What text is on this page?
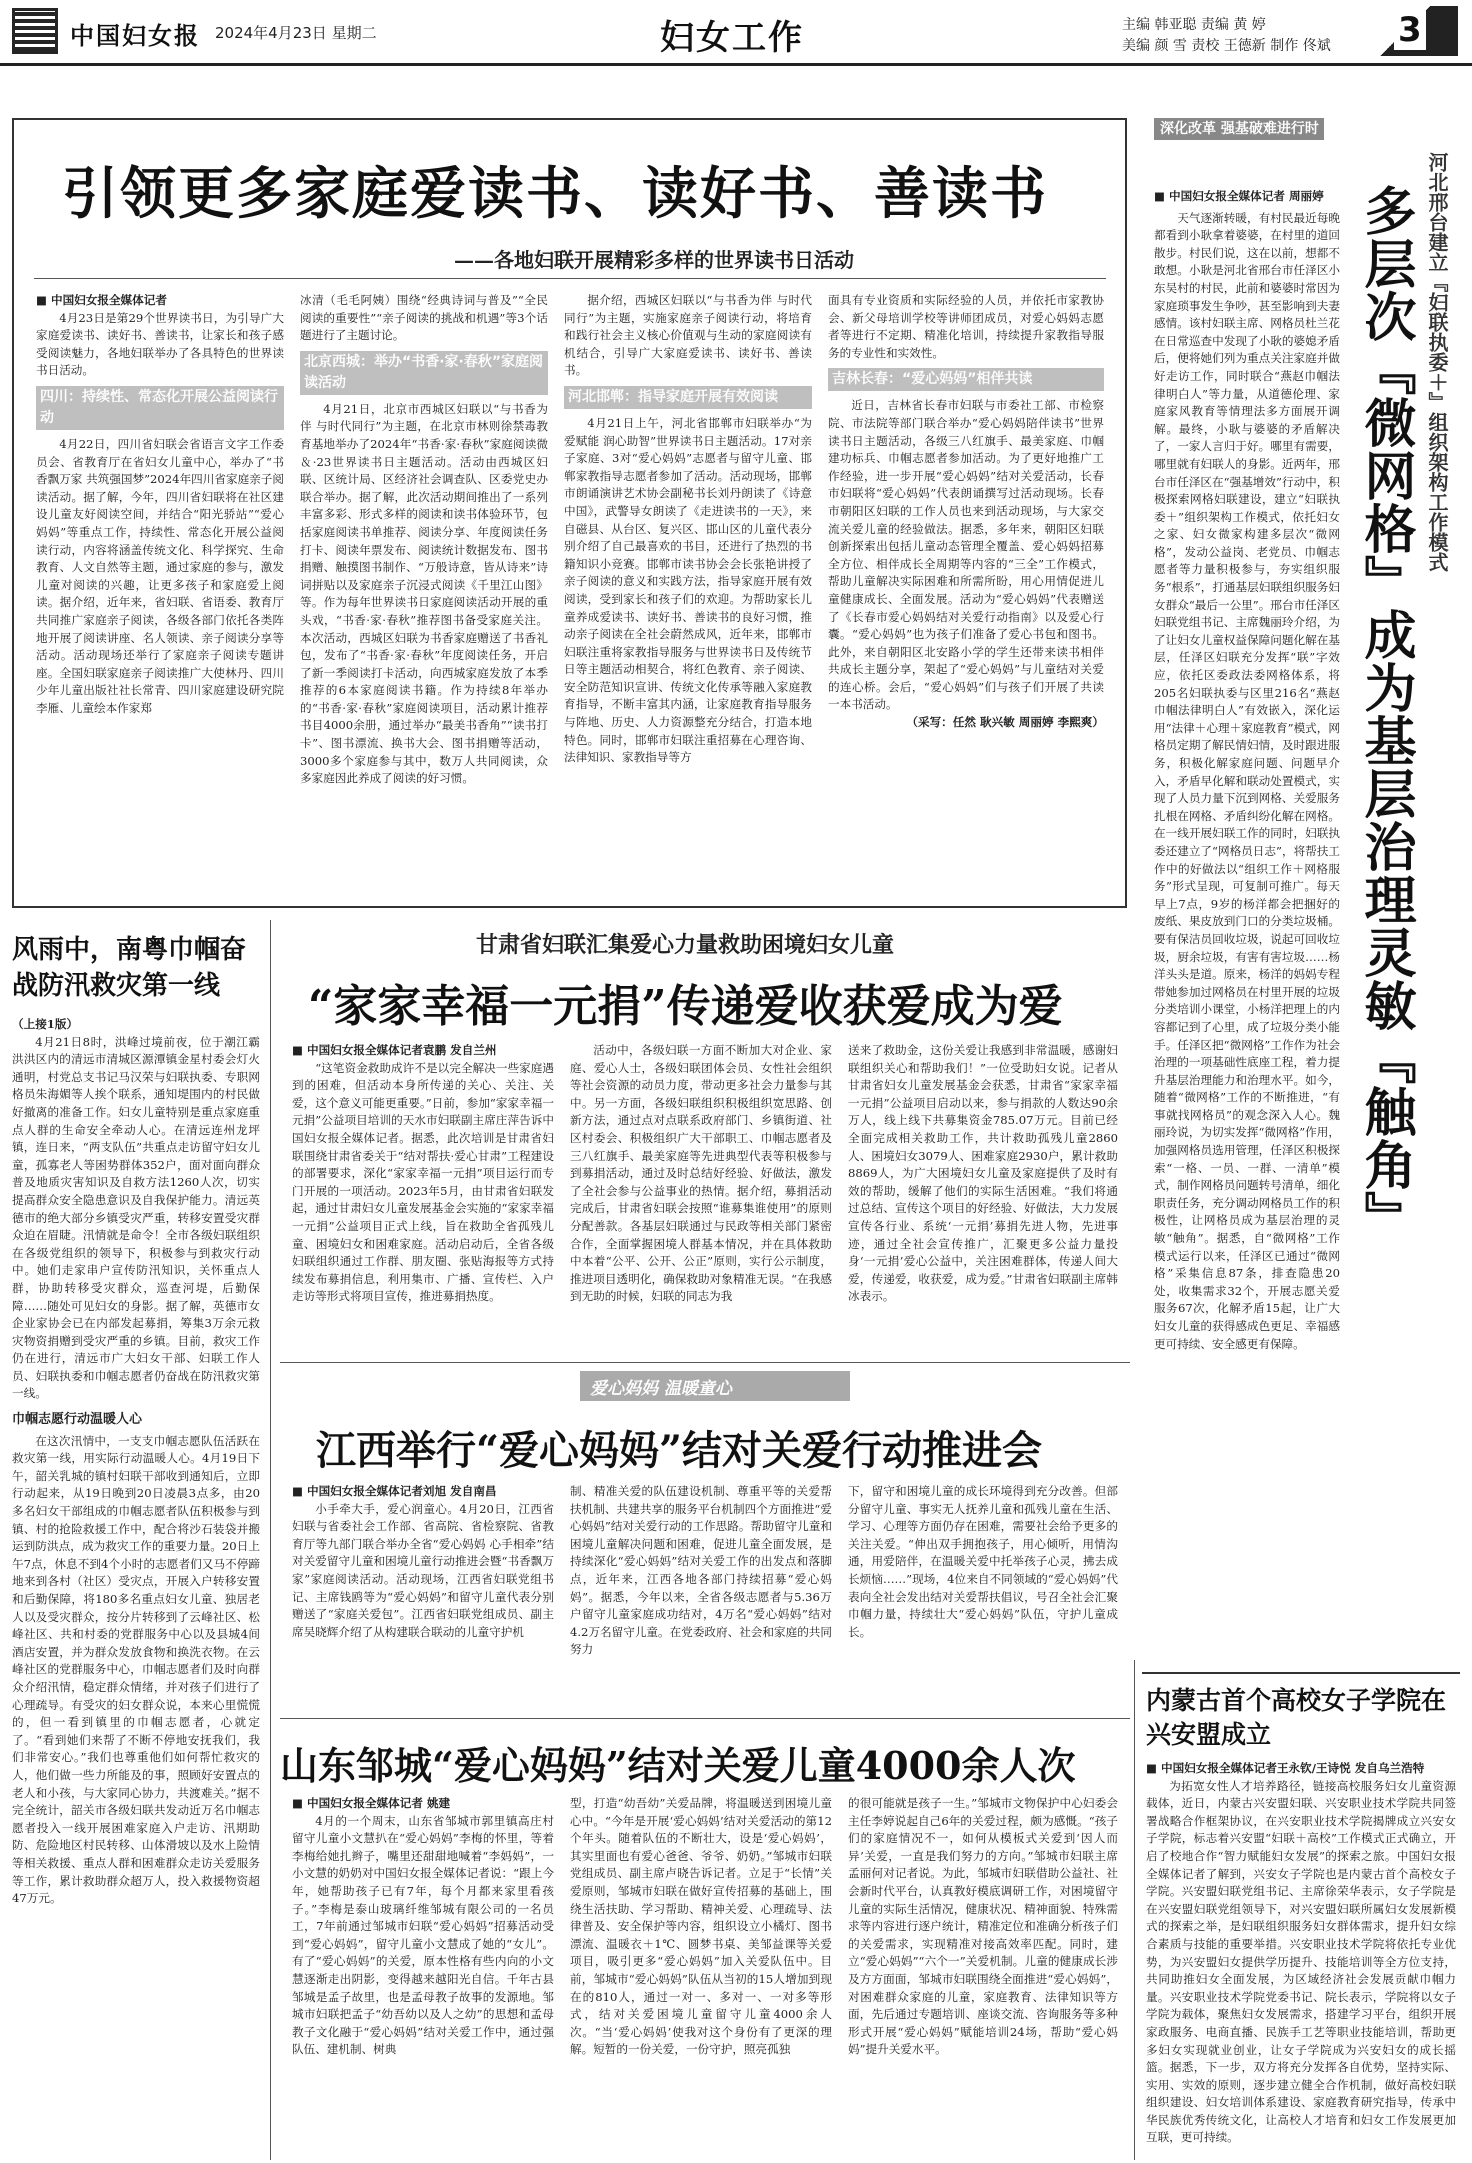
中国妇女报 2024年4月23日 星期二	妇女工作	主编 韩亚聪 责编 黄 婷
美编 颜 雪 责校 王德新 制作 佟斌 3
引领更多家庭爱读书、读好书、善读书
——各地妇联开展精彩多样的世界读书日活动

■ 中国妇女报全媒体记者

4月23日是第29个世界读书日，为引导广大家庭爱读书、读好书、善读书，让家长和孩子感受阅读魅力，各地妇联举办了各具特色的世界读书日活动。

四川：持续性、常态化开展公益阅读行动

4月22日，四川省妇联会省语言文字工作委员会、省教育厅在省妇女儿童中心，举办了“书香飘万家 共筑强国梦”2024年四川省家庭亲子阅读活动。据了解，今年，四川省妇联将在社区建设儿童友好阅读空间，并结合“阳光骄站”“爱心妈妈”等重点工作，持续性、常态化开展公益阅读行动，内容将涵盖传统文化、科学探究、生命教育、人文自然等主题，通过家庭的参与，激发儿童对阅读的兴趣，让更多孩子和家庭爱上阅读。据介绍，近年来，省妇联、省语委、教育厅共同推广家庭亲子阅读，各级各部门依托各类阵地开展了阅读讲座、名人领读、亲子阅读分享等活动。活动现场还举行了家庭亲子阅读专题讲座。全国妇联家庭亲子阅读推广大使林丹、四川少年儿童出版社社长常青、四川家庭建设研究院李雁、儿童绘本作家郑

冰清（毛毛阿姨）围绕“经典诗词与普及”“全民阅读的重要性”“亲子阅读的挑战和机遇”等3个话题进行了主题讨论。

北京西城：举办“书香·家·春秋”家庭阅读活动

4月21日，北京市西城区妇联以“与书香为伴 与时代同行”为主题，在北京市林则徐禁毒教育基地举办了2024年“书香·家·春秋”家庭阅读微＆·23世界读书日主题活动。活动由西城区妇联、区统计局、区经济社会调查队、区委党史办联合举办。据了解，此次活动期间推出了一系列丰富多彩、形式多样的阅读和读书体验环节，包括家庭阅读书单推荐、阅读分享、年度阅读任务打卡、阅读年票发布、阅读统计数据发布、图书捐赠、触摸图书制作、“万般诗意，皆从诗来”诗词拼贴以及家庭亲子沉浸式阅读《千里江山图》等。作为每年世界读书日家庭阅读活动开展的重头戏，“书香·家·春秋”推荐图书备受家庭关注。本次活动，西城区妇联为书香家庭赠送了书香礼包，发布了“书香·家·春秋”年度阅读任务，开启了新一季阅读打卡活动，向西城家庭发放了本季推荐的6本家庭阅读书籍。作为持续8年举办的“书香·家·春秋”家庭阅读项目，活动累计推荐书目4000余册，通过举办“最美书香角”“读书打卡”、图书漂流、换书大会、图书捐赠等活动，3000多个家庭参与其中，数万人共同阅读，众多家庭因此养成了阅读的好习惯。

据介绍，西城区妇联以“与书香为伴 与时代同行”为主题，实施家庭亲子阅读行动，将培育和践行社会主义核心价值观与生动的家庭阅读有机结合，引导广大家庭爱读书、读好书、善读书。

河北邯郸：指导家庭开展有效阅读

4月21日上午，河北省邯郸市妇联举办“为爱赋能 润心助智”世界读书日主题活动。17对亲子家庭、3对“爱心妈妈”志愿者与留守儿童、邯郸家教指导志愿者参加了活动。活动现场，邯郸市朗诵演讲艺术协会副秘书长刘丹朗读了《诗意中国》，武警导女朗读了《走进读书的一天》，来自磁县、从台区、复兴区、邯山区的儿童代表分别介绍了自己最喜欢的书目，还进行了热烈的书籍知识小竞赛。邯郸市读书协会会长张艳讲授了亲子阅读的意义和实践方法，指导家庭开展有效阅读，受到家长和孩子们的欢迎。为帮助家长儿童养成爱读书、读好书、善读书的良好习惯，推动亲子阅读在全社会蔚然成风，近年来，邯郸市妇联注重将家教指导服务与世界读书日及传统节日等主题活动相契合，将红色教育、亲子阅读、安全防范知识宣讲、传统文化传承等融入家庭教育指导，不断丰富其内涵，让家庭教育指导服务与阵地、历史、人力资源整充分结合，打造本地特色。同时，邯郸市妇联注重招募在心理咨询、法律知识、家教指导等方

面具有专业资质和实际经验的人员，并依托市家教协会、新父母培训学校等讲师团成员，对爱心妈妈志愿者等进行不定期、精准化培训，持续提升家教指导服务的专业性和实效性。

吉林长春：“爱心妈妈”相伴共读

近日，吉林省长春市妇联与市委社工部、市检察院、市法院等部门联合举办“爱心妈妈陪伴读书”世界读书日主题活动，各级三八红旗手、最美家庭、巾帼建功标兵、巾帼志愿者参加活动。为了更好地推广工作经验，进一步开展“爱心妈妈”结对关爱活动，长春市妇联将“爱心妈妈”代表朗诵撰写过活动现场。长春市朝阳区妇联的工作人员也来到活动现场，与大家交流关爱儿童的经验做法。据悉，多年来，朝阳区妇联创新探索出包括儿童动态管理全覆盖、爱心妈妈招募全方位、相伴成长全周期等内容的“三全”工作模式，帮助儿童解决实际困难和所需所盼，用心用情促进儿童健康成长、全面发展。活动为“爱心妈妈”代表赠送了《长春市爱心妈妈结对关爱行动指南》以及爱心行囊。“爱心妈妈”也为孩子们准备了爱心书包和图书。此外，来自朝阳区北安路小学的学生还带来读书相伴共成长主题分享，架起了“爱心妈妈”与儿童结对关爱的连心桥。会后，“爱心妈妈”们与孩子们开展了共读一本书活动。

（采写：任然 耿兴敏 周丽婷 李熙爽）

深化改革 强基破难进行时

■ 中国妇女报全媒体记者 周丽婷

天气逐渐转暖，有村民最近每晚都看到小耿拿着婆婆，在村里的道回散步。村民们说，这在以前，想都不敢想。小耿是河北省邢台市任泽区小东吴村的村民，此前和婆婆时常因为家庭琐事发生争吵，甚至影响到夫妻感情。该村妇联主席、网格员杜兰花在日常巡查中发现了小耿的婆媳矛盾后，便将她们列为重点关注家庭并做好走访工作，同时联合“燕赵巾帼法律明白人”等力量，从道德伦理、家庭家风教育等情理法多方面展开调解。最终，小耿与婆婆的矛盾解决了，一家人言归于好。哪里有需要，哪里就有妇联人的身影。近两年，邢台市任泽区在“强基增效”行动中，积极探索网格妇联建设，建立“妇联执委＋”组织架构工作模式，依托妇女之家、妇女微家构建多层次“微网格”，发动公益岗、老党员、巾帼志愿者等力量积极参与，夯实组织服务“根系”，打通基层妇联组织服务妇女群众“最后一公里”。邢台市任泽区妇联党组书记、主席魏丽玲介绍，为了让妇女儿童权益保障问题化解在基层，任泽区妇联充分发挥“联”字效应，依托区委政法委网格体系，将205名妇联执委与区里216名“燕赵巾帼法律明白人”有效嵌入，深化运用“法律＋心理＋家庭教育”模式，网格员定期了解民情妇情，及时跟进服务，积极化解家庭问题、问题早介入，矛盾早化解和联动处置模式，实现了人员力量下沉到网格、关爱服务扎根在网格、矛盾纠纷化解在网格。在一线开展妇联工作的同时，妇联执委还建立了“网格员日志”，将帮扶工作中的好做法以“组织工作＋网格服务”形式呈现，可复制可推广。每天早上7点，9岁的杨洋都会把捆好的废纸、果皮放到门口的分类垃圾桶。要有保洁员回收垃圾，说起可回收垃圾，厨余垃圾，有害有害垃圾……杨洋头头是道。原来，杨洋的妈妈专程带她参加过网格员在村里开展的垃圾分类培训小课堂，小杨洋把理上的内容都记到了心里，成了垃圾分类小能手。任泽区把“微网格”工作作为社会治理的一项基础性底座工程，着力提升基层治理能力和治理水平。如今，随着“微网格”工作的不断推进，“有事就找网格员”的观念深入人心。魏丽玲说，为切实发挥“微网格”作用，加强网格员选用管理，任泽区积极探索“一格、一员、一群、一清单”模式，制作网格员问题转号清单，细化职责任务，充分调动网格员工作的积极性，让网格员成为基层治理的灵敏“触角”。据悉，自“微网格”工作模式运行以来，任泽区已通过“微网格”采集信息87条，排查隐患20处，收集需求32个，开展志愿关爱服务67次，化解矛盾15起，让广大妇女儿童的获得感成色更足、幸福感更可持续、安全感更有保障。

多层次『微网格』成为基层治理灵敏『触角』 河北邢台建立『妇联执委＋』组织架构工作模式
风雨中，南粤巾帼奋战防汛救灾第一线

（上接1版）

4月21日8时，洪峰过境前夜，位于潮江霸洪洪区内的清远市清城区源潭镇金星村委会灯火通明，村党总支书记马汉荣与妇联执委、专职网格员朱海媚等人挨个联系，通知堤围内的村民做好撤离的准备工作。妇女儿童特别是重点家庭重点人群的生命安全牵动人心。在清远连州龙坪镇，连日来，“两支队伍”共重点走访留守妇女儿童，孤寡老人等困势群体352户，面对面向群众普及地质灾害知识及自救方法1260人次，切实提高群众安全隐患意识及自我保护能力。清远英德市的绝大部分乡镇受灾严重，转移安置受灾群众迫在眉睫。汛情就是命令！全市各级妇联组织在各级党组织的领导下，积极参与到救灾行动中。她们走家串户宣传防汛知识，关怀重点人群，协助转移受灾群众，巡查河堤，后勤保障……随处可见妇女的身影。据了解，英德市女企业家协会已在内部发起募捐，筹集3万余元救灾物资捐赠到受灾严重的乡镇。目前，救灾工作仍在进行，清远市广大妇女干部、妇联工作人员、妇联执委和巾帼志愿者仍奋战在防汛救灾第一线。

巾帼志愿行动温暖人心

在这次汛情中，一支支巾帼志愿队伍活跃在救灾第一线，用实际行动温暖人心。4月19日下午，韶关乳城的镇村妇联干部收到通知后，立即行动起来，从19日晚到20日凌晨3点多，由20多名妇女干部组成的巾帼志愿者队伍积极参与到镇、村的抢险救援工作中，配合将沙石装袋并搬运到防洪点，成为救灾工作的重要力量。20日上午7点，休息不到4个小时的志愿者们又马不停蹄地来到各村（社区）受灾点，开展入户转移安置和后勤保障，将180多名重点妇女儿童、独居老人以及受灾群众，按分片转移到了云峰社区、松峰社区、共和村委的党群服务中心以及县城4间酒店安置，并为群众发放食物和换洗衣物。在云峰社区的党群服务中心，巾帼志愿者们及时向群众介绍汛情，稳定群众情绪，并对孩子们进行了心理疏导。有受灾的妇女群众说，本来心里慌慌的，但一看到镇里的巾帼志愿者，心就定了。“看到她们来帮了不断不停地安抚我们，我们非常安心。”我们也尊重他们如何帮忙救灾的人，他们做一些力所能及的事，照顾好安置点的老人和小孩，与大家同心协力，共渡难关。”据不完全统计，韶关市各级妇联共发动近万名巾帼志愿者投入一线开展困难家庭入户走访、汛期助防、危险地区村民转移、山体滑坡以及水上险情等相关救援、重点人群和困难群众走访关爱服务等工作，累计救助群众超万人，投入救援物资超47万元。

甘肃省妇联汇集爱心力量救助困境妇女儿童
“家家幸福一元捐”传递爱收获爱成为爱

■ 中国妇女报全媒体记者袁鹏 发自兰州

“这笔资金救助成许不是以完全解决一些家庭遇到的困难，但活动本身所传递的关心、关注、关爱，这个意义可能更重要。”日前，参加“家家幸福一元捐”公益项目培训的天水市妇联副主席庄萍告诉中国妇女报全媒体记者。据悉，此次培训是甘肃省妇联围绕甘肃省委关于“结对帮扶·爱心甘肃”工程建设的部署要求，深化“家家幸福一元捐”项目运行而专门开展的一项活动。2023年5月，由甘肃省妇联发起，通过甘肃妇女儿童发展基金会实施的“家家幸福一元捐”公益项目正式上线，旨在救助全省孤残儿童、困境妇女和困难家庭。活动启动后，全省各级妇联组织通过工作群、朋友圈、张贴海报等方式持续发布募捐信息，利用集市、广播、宣传栏、入户走访等形式将项目宣传，推进募捐热度。

活动中，各级妇联一方面不断加大对企业、家庭、爱心人士，各级妇联团体会员、女性社会组织等社会资源的动员力度，带动更多社会力量参与其中。另一方面，各级妇联组织积极组织宽思路、创新方法，通过点对点联系政府部门、乡镇街道、社区村委会、积极组织广大干部职工、巾帼志愿者及三八红旗手、最美家庭等先进典型代表等积极参与到募捐活动，通过及时总结好经验、好做法，激发了全社会参与公益事业的热情。据介绍，募捐活动完成后，甘肃省妇联会按照“谁募集谁使用”的原则分配善款。各基层妇联通过与民政等相关部门紧密合作，全面掌握困境人群基本情况，并在具体救助中本着“公平、公开、公正”原则，实行公示制度，推进项目透明化，确保救助对象精准无误。“在我感到无助的时候，妇联的同志为我

送来了救助金，这份关爱让我感到非常温暖，感谢妇联组织关心和帮助我们！”一位受助妇女说。记者从甘肃省妇女儿童发展基金会获悉，甘肃省“家家幸福一元捐”公益项目启动以来，参与捐款的人数达90余万人，线上线下共募集资金785.07万元。目前已经全面完成相关救助工作，共计救助孤残儿童2860人、困境妇女3079人、困难家庭2930户，累计救助8869人，为广大困境妇女儿童及家庭提供了及时有效的帮助，缓解了他们的实际生活困难。“我们将通过总结、宣传这个项目的好经验、好做法，大力发展宣传各行业、系统‘一元捐’募捐先进人物，先进事迹，通过全社会宣传推广，汇聚更多公益力量投身‘一元捐’爱心公益中，关注困难群体，传递人间大爱，传递爱，收获爱，成为爱。”甘肃省妇联副主席韩冰表示。

爱心妈妈 温暖童心
江西举行“爱心妈妈”结对关爱行动推进会

■ 中国妇女报全媒体记者刘旭 发自南昌

小手牵大手，爱心润童心。4月20日，江西省妇联与省委社会工作部、省高院、省检察院、省教育厅等九部门联合举办全省“爱心妈妈 心手相牵”结对关爱留守儿童和困境儿童行动推进会暨“书香飘万家”家庭阅读活动。活动现场，江西省妇联党组书记、主席钱鸥等为“爱心妈妈”和留守儿童代表分别赠送了“家庭关爱包”。江西省妇联党组成员、副主席吴晓辉介绍了从构建联合联动的儿童守护机

制、精准关爱的队伍建设机制、尊重平等的关爱帮扶机制、共建共享的服务平台机制四个方面推进“爱心妈妈”结对关爱行动的工作思路。帮助留守儿童和困境儿童解决问题和困难，促进儿童全面发展，是持续深化“爱心妈妈”结对关爱工作的出发点和落脚点，近年来，江西各地各部门持续招募“爱心妈妈”。据悉，今年以来，全省各级志愿者与5.36万户留守儿童家庭成功结对，4万名“爱心妈妈”结对4.2万名留守儿童。在党委政府、社会和家庭的共同努力

下，留守和困境儿童的成长环境得到充分改善。但部分留守儿童、事实无人抚养儿童和孤残儿童在生活、学习、心理等方面仍存在困难，需要社会给予更多的关注关爱。“伸出双手拥抱孩子，用心倾听，用情沟通，用爱陪伴，在温暖关爱中托举孩子心灵，拂去成长烦恼……”现场，4位来自不同领域的“爱心妈妈”代表向全社会发出结对关爱帮扶倡议，号召全社会汇聚巾帼力量，持续壮大“爱心妈妈”队伍，守护儿童成长。

山东邹城“爱心妈妈”结对关爱儿童4000余人次

■ 中国妇女报全媒体记者 姚建

4月的一个周末，山东省邹城市郭里镇高庄村留守儿童小文慧扒在“爱心妈妈”李梅的怀里，等着李梅给她扎辫子，嘴里还甜甜地喊着“李妈妈”，一小文慧的奶奶对中国妇女报全媒体记者说：“跟上今年，她帮助孩子已有7年，每个月都来家里看孩子。”李梅是泰山玻璃纤维邹城有限公司的一名员工，7年前通过邹城市妇联“爱心妈妈”招募活动受到“爱心妈妈”，留守儿童小文慧成了她的“女儿”。有了“爱心妈妈”的关爱，原本性格有些内向的小文慧逐渐走出阴影，变得越来越阳光自信。千年古县邹城是孟子故里，也是孟母教子故事的发源地。邹城市妇联把孟子“幼吾幼以及人之幼”的思想和孟母教子文化融于“爱心妈妈”结对关爱工作中，通过强队伍、建机制、树典

型，打造“幼吾幼”关爱品牌，将温暖送到困境儿童心中。“今年是开展‘爱心妈妈’结对关爱活动的第12个年头。随着队伍的不断壮大，设是‘爱心妈妈’，其实里面也有爱心爸爸、爷爷、奶奶。”邹城市妇联党组成员、副主席卢晓告诉记者。立足于“长情”关爱原则，邹城市妇联在做好宣传招募的基础上，围绕生活扶助、学习帮助、精神关爱、心理疏导、法律普及、安全保护等内容，组织设立小橘灯、图书漂流、温暖衣＋1℃、圆梦书桌、美邹益课等关爱项目，吸引更多“爱心妈妈”加入关爱队伍中。目前，邹城市“爱心妈妈”队伍从当初的15人增加到现在的810人，通过一对一、多对一、一对多等形式，结对关爱困境儿童留守儿童4000余人次。“当‘爱心妈妈’使我对这个身份有了更深的理解。短暂的一份关爱，一份守护，照亮孤独

的很可能就是孩子一生。”邹城市文物保护中心妇委会主任李婷说起自己6年的关爱过程，颇为感慨。“孩子们的家庭情况不一，如何从模板式关爱到‘因人而异’关爱，一直是我们努力的方向。”邹城市妇联主席孟丽何对记者说。为此，邹城市妇联借助公益社、社会新时代平台，认真教好模底调研工作，对困境留守儿童的实际生活情况，健康状况、精神面貌、特殊需求等内容进行逐户统计，精准定位和准确分析孩子们的关爱需求，实现精准对接高效率匹配。同时，建立“爱心妈妈”“六个一”关爱机制。儿童的健康成长涉及方方面面，邹城市妇联围绕全面推进“爱心妈妈”，对困难群众家庭的儿童，家庭教育、法律知识等方面，先后通过专题培训、座谈交流、咨询服务等多种形式开展“爱心妈妈”赋能培训24场，帮助“爱心妈妈”提升关爱水平。

内蒙古首个高校女子学院在兴安盟成立

■ 中国妇女报全媒体记者王永钦/王诗悦 发自乌兰浩特

为拓宽女性人才培养路径，链接高校服务妇女儿童资源载体，近日，内蒙古兴安盟妇联、兴安职业技术学院共同签署战略合作框架协议，在兴安职业技术学院揭牌成立兴安女子学院，标志着兴安盟“妇联＋高校”工作模式正式确立，开启了校地合作“智力赋能妇女发展”的探索之旅。中国妇女报全媒体记者了解到，兴安女子学院也是内蒙古首个高校女子学院。兴安盟妇联党组书记、主席徐荣华表示，女子学院是在兴安盟妇联党组领导下，对兴安盟妇联所属妇女发展新模式的探索之举，是妇联组织服务妇女群体需求，提升妇女综合素质与技能的重要举措。兴安职业技术学院将依托专业优势，为兴安盟妇女提供学历提升、技能培训等全方位支持，共同助推妇女全面发展，为区域经济社会发展贡献巾帼力量。兴安职业技术学院党委书记、院长表示，学院将以女子学院为载体，聚焦妇女发展需求，搭建学习平台，组织开展家政服务、电商直播、民族手工艺等职业技能培训，帮助更多妇女实现就业创业，让女子学院成为兴安妇女的成长摇篮。据悉，下一步，双方将充分发挥各自优势，坚持实际、实用、实效的原则，逐步建立健全合作机制，做好高校妇联组织建设、妇女培训体系建设、家庭教育研究指导，传承中华民族优秀传统文化，让高校人才培育和妇女工作发展更加互联，更可持续。
